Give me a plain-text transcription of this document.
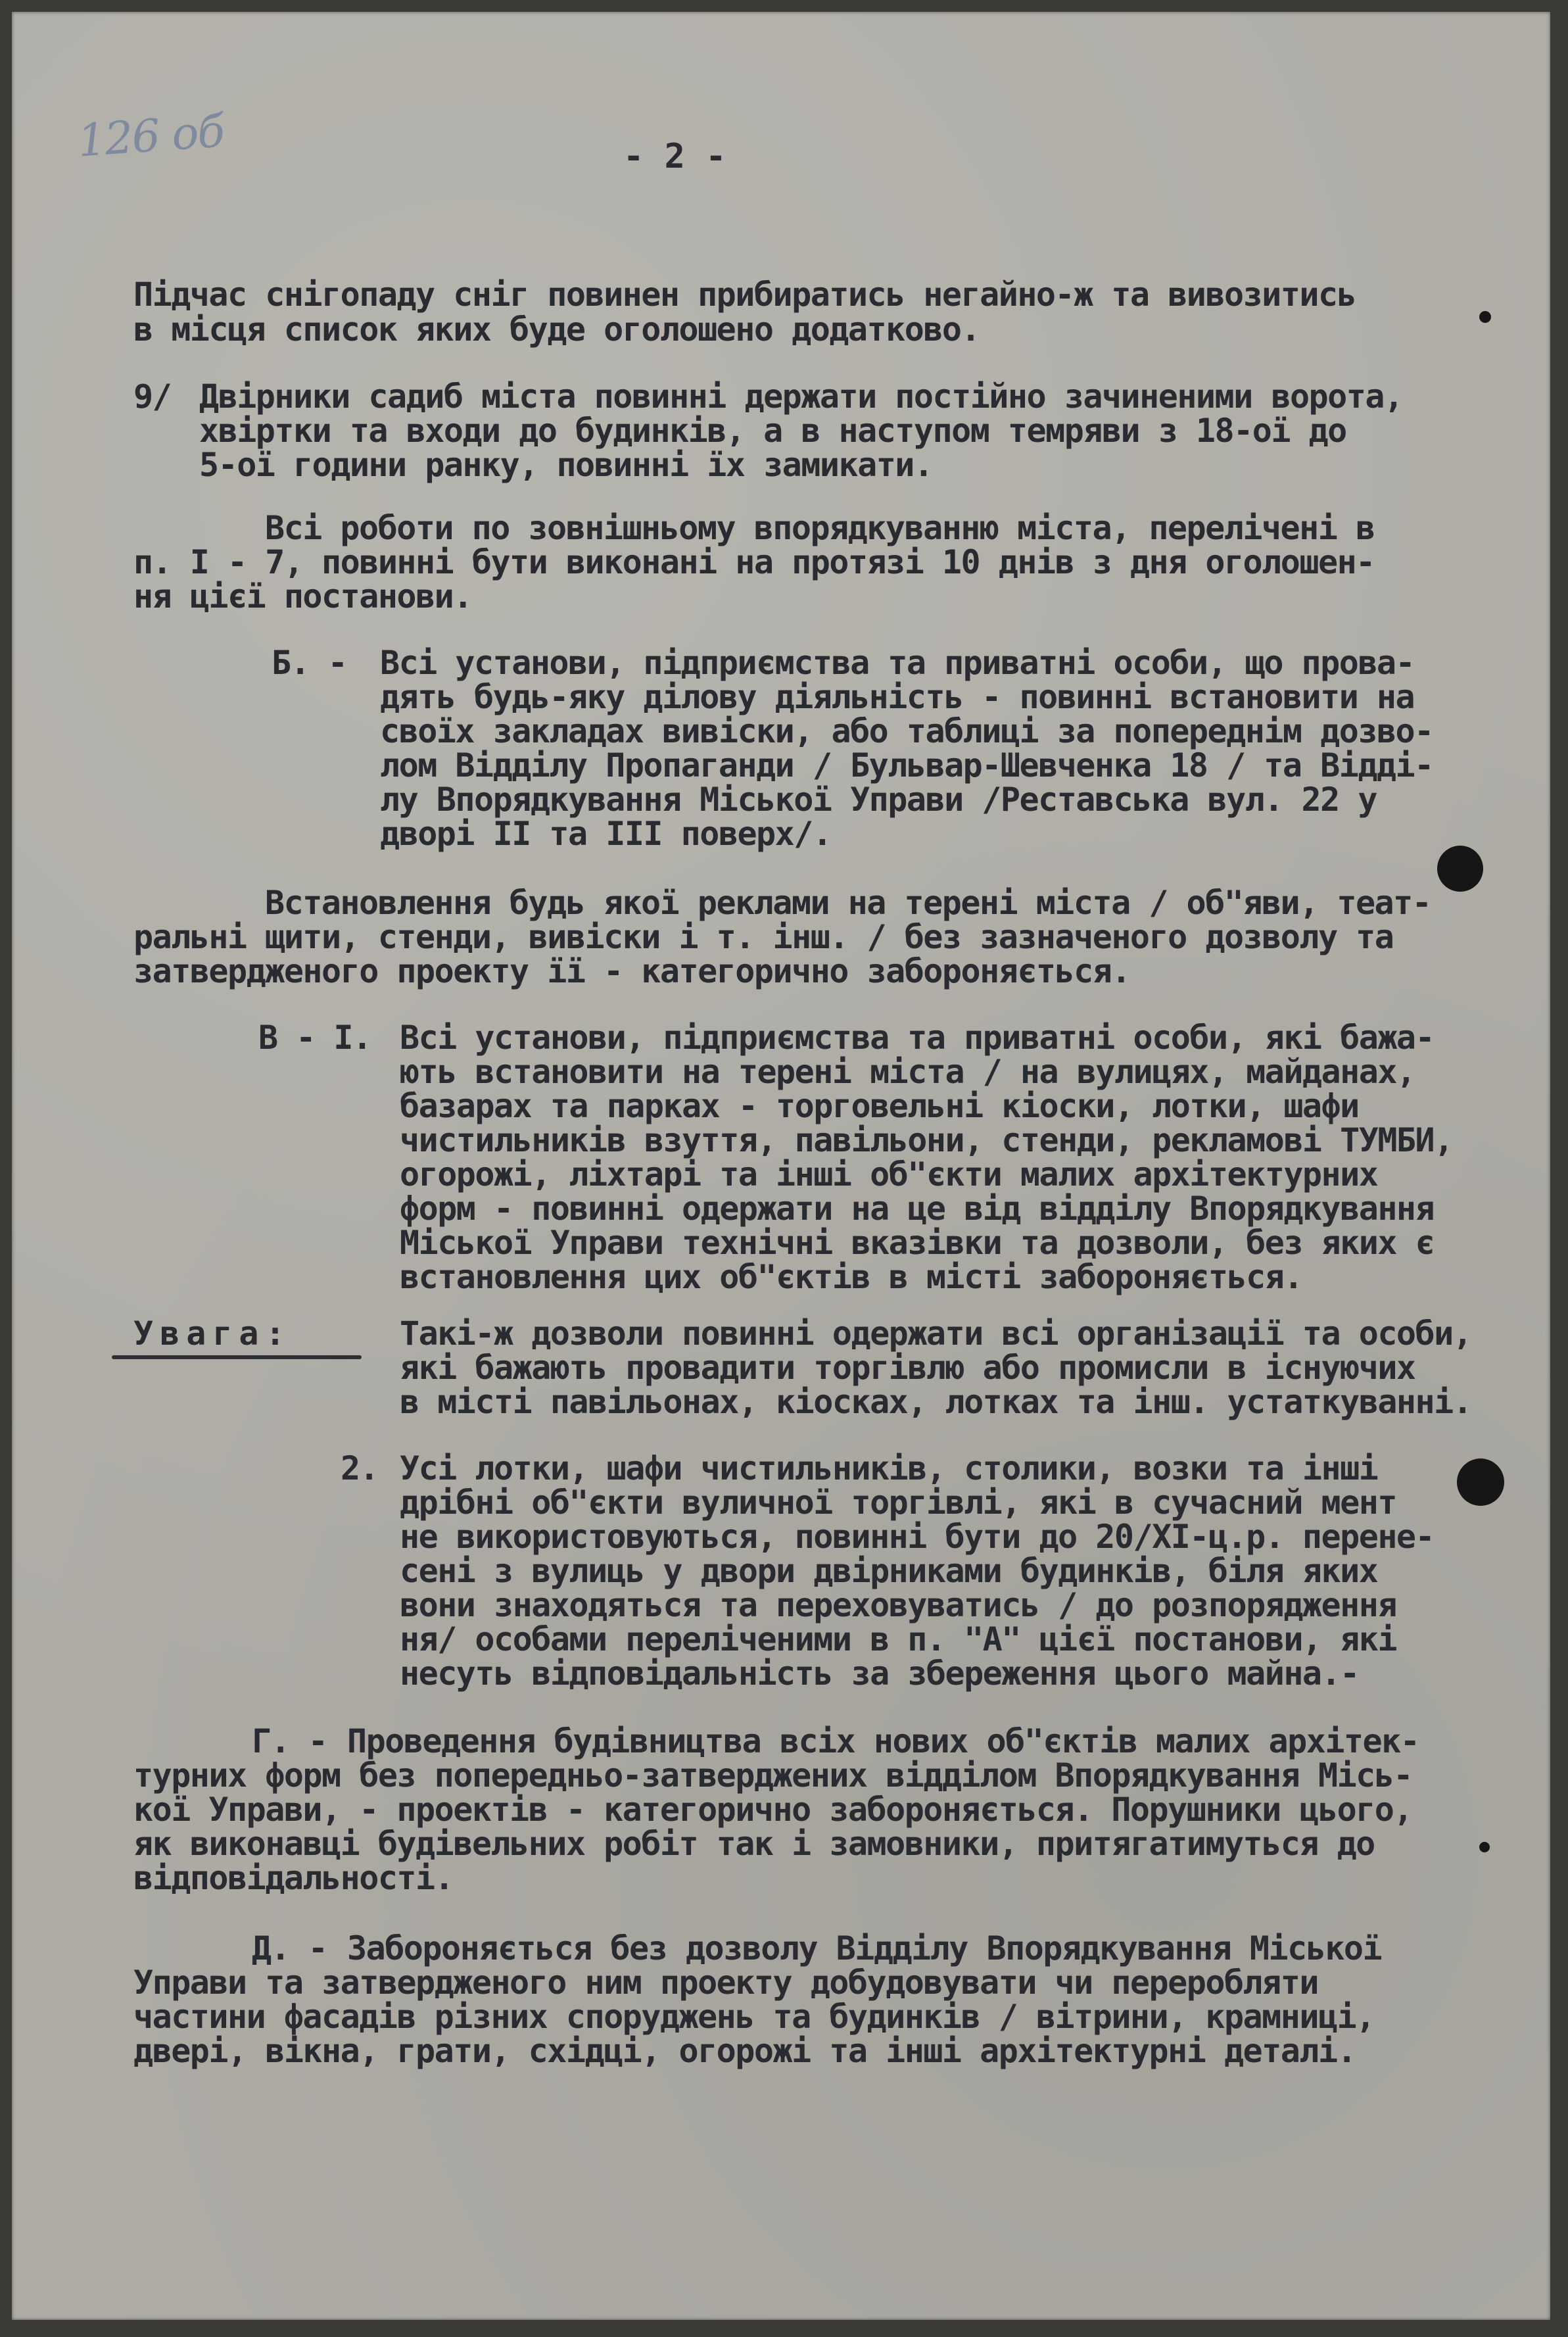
126 об	- 2 -
Підчас снігопаду сніг повинен прибиратись негайно-ж та вивозитись
в місця список яких буде оголошено додатково.
9/ Двірники садиб міста повинні держати постійно зачиненими ворота,
хвіртки та входи до будинків, а в наступом темряви з 18-ої до
5-ої години ранку, повинні їх замикати.
Всі роботи по зовнішньому впорядкуванню міста, перелічені в
п. І - 7, повинні бути виконані на протязі 10 днів з дня оголошен-
ня цієї постанови.
Б. - Всі установи, підприємства та приватні особи, що прова-
дять будь-яку ділову діяльність - повинні встановити на
своїх закладах вивіски, або таблиці за попереднім дозво-
лом Відділу Пропаганди / Бульвар-Шевченка 18 / та Відді-
лу Впорядкування Міської Управи /Реставська вул. 22 у
дворі II та III поверх/.
Встановлення будь якої реклами на терені міста / об"яви, теат-
ральні щити, стенди, вивіски і т. інш. / без зазначеного дозволу та
затвердженого проекту її - категорично забороняється.
В - І. Всі установи, підприємства та приватні особи, які бажа-
ють встановити на терені міста / на вулицях, майданах,
базарах та парках - торговельні кіоски, лотки, шафи
чистильників взуття, павільони, стенди, рекламові ТУМБИ,
огорожі, ліхтарі та інші об"єкти малих архітектурних
форм - повинні одержати на це від відділу Впорядкування
Міської Управи технічні вказівки та дозволи, без яких є
встановлення цих об"єктів в місті забороняється.
Увага:	Такі-ж дозволи повинні одержати всі організації та особи,
які бажають провадити торгівлю або промисли в існуючих
в місті павільонах, кіосках, лотках та інш. устаткуванні.
2. Усі лотки, шафи чистильників, столики, возки та інші
дрібні об"єкти вуличної торгівлі, які в сучасний мент
не використовуються, повинні бути до 20/ХІ-ц.р. перене-
сені з вулиць у двори двірниками будинків, біля яких
вони знаходяться та переховуватись / до розпорядження
ня/ особами переліченими в п. "А" цієї постанови, які
несуть відповідальність за збереження цього майна.-
Г. - Проведення будівництва всіх нових об"єктів малих архітек-
турних форм без попередньо-затверджених відділом Впорядкування Місь-
кої Управи, - проектів - категорично забороняється. Порушники цього,
як виконавці будівельних робіт так і замовники, притягатимуться до
відповідальності.
Д. - Забороняється без дозволу Відділу Впорядкування Міської
Управи та затвердженого ним проекту добудовувати чи переробляти
частини фасадів різних споруджень та будинків / вітрини, крамниці,
двері, вікна, грати, східці, огорожі та інші архітектурні деталі.
